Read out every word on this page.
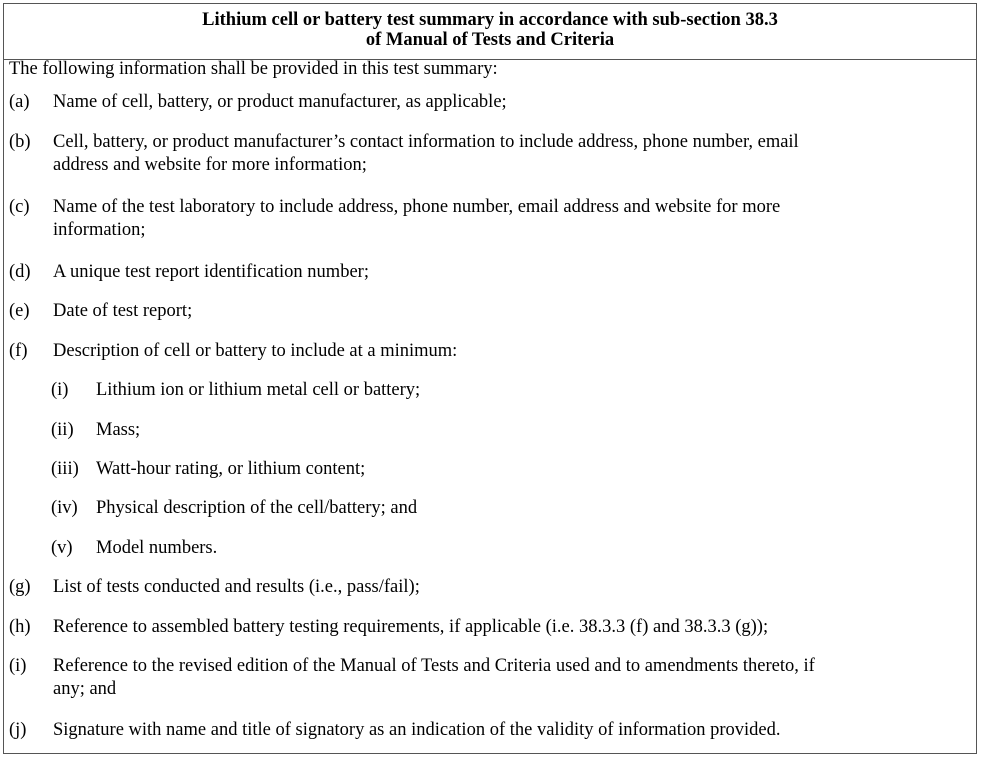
Lithium cell or battery test summary in accordance with sub-section 38.3
of Manual of Tests and Criteria
The following information shall be provided in this test summary:
(a) Name of cell, battery, or product manufacturer, as applicable;
(b) Cell, battery, or product manufacturer’s contact information to include address, phone number, email
address and website for more information;
(c) Name of the test laboratory to include address, phone number, email address and website for more
information;
(d) A unique test report identification number;
(e) Date of test report;
(f) Description of cell or battery to include at a minimum:
(i) Lithium ion or lithium metal cell or battery;
(ii) Mass;
(iii) Watt-hour rating, or lithium content;
(iv) Physical description of the cell/battery; and
(v) Model numbers.
(g) List of tests conducted and results (i.e., pass/fail);
(h) Reference to assembled battery testing requirements, if applicable (i.e. 38.3.3 (f) and 38.3.3 (g));
(i) Reference to the revised edition of the Manual of Tests and Criteria used and to amendments thereto, if
any; and
(j) Signature with name and title of signatory as an indication of the validity of information provided.
